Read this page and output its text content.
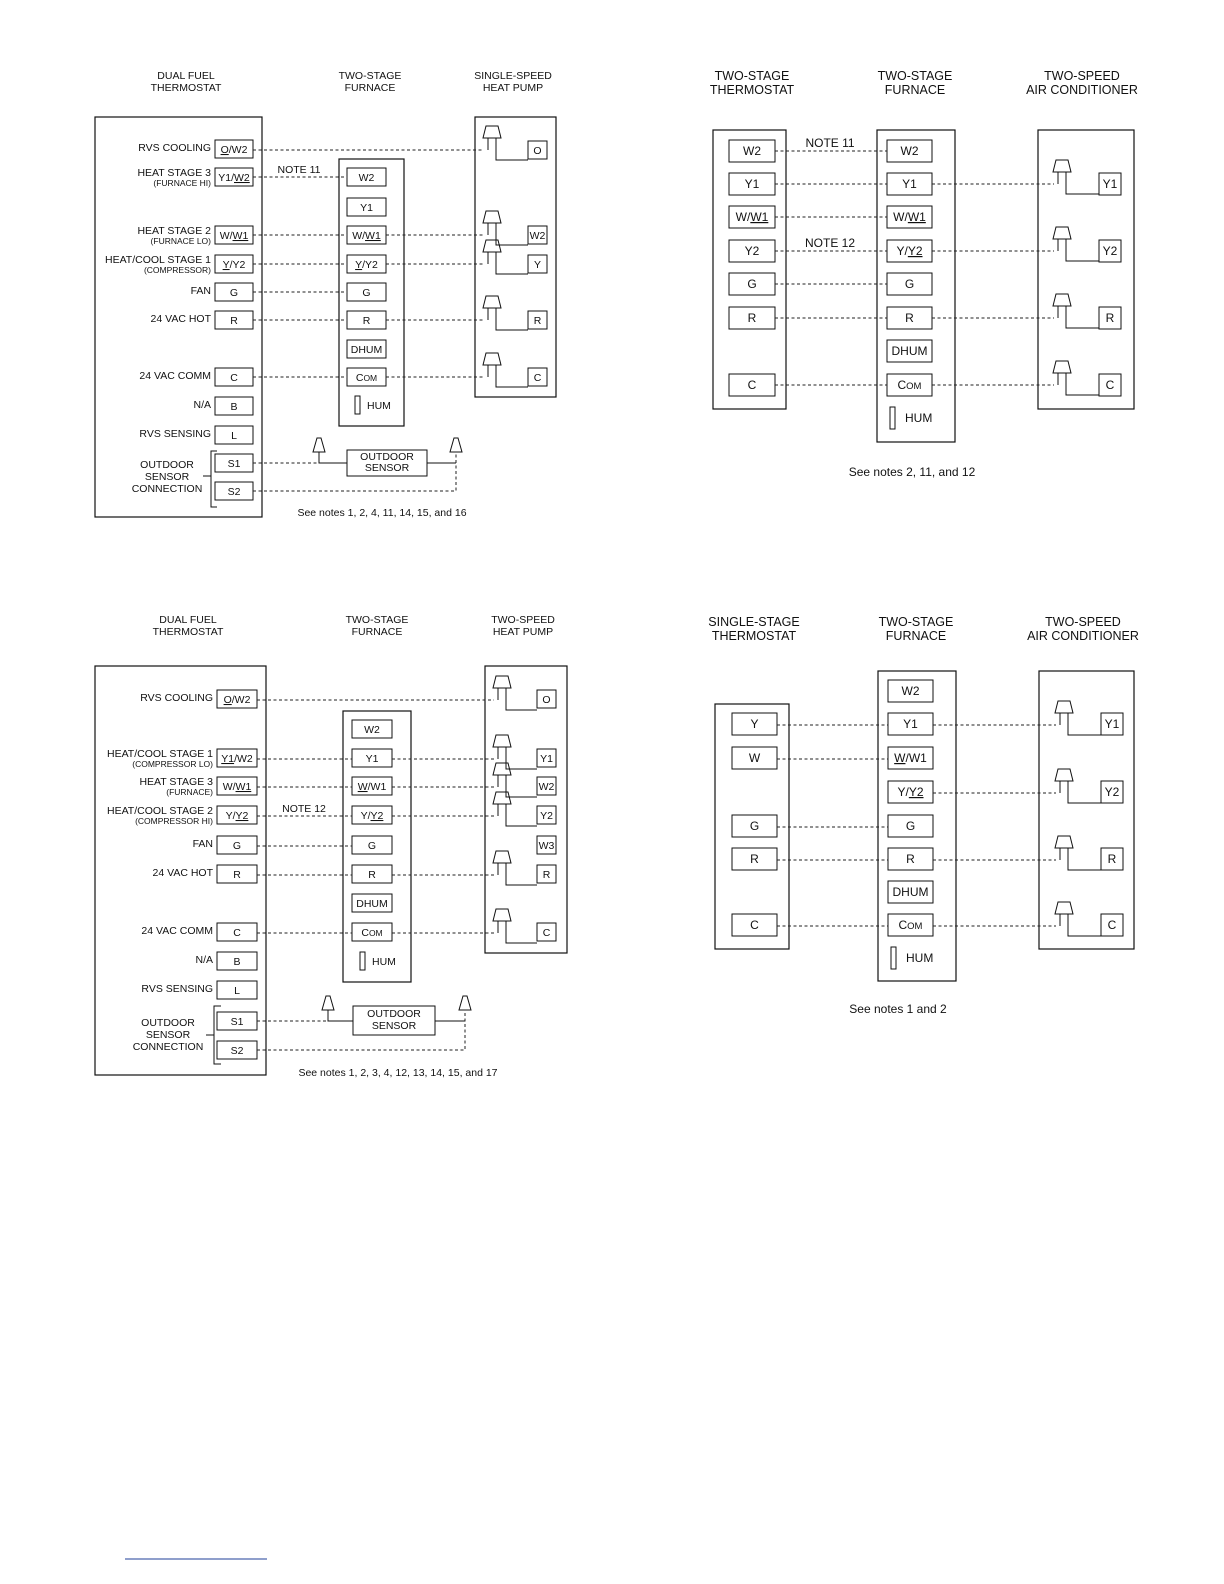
DUAL FUEL
THERMOSTAT
TWO-STAGE
FURNACE
SINGLE-SPEED
HEAT PUMP
O/W2
RVS COOLING
Y1/W2
HEAT STAGE 3
(FURNACE HI)
W/W1
HEAT STAGE 2
(FURNACE LO)
Y/Y2
HEAT/COOL STAGE 1
(COMPRESSOR)
G
FAN
R
24 VAC HOT
C
24 VAC COMM
B
N/A
L
RVS SENSING
S1
S2
W2
Y1
W/W1
Y/Y2
G
R
DHUM
COM
HUM
O
W2
Y
R
C
NOTE 11
OUTDOOR
SENSOR
CONNECTION
OUTDOOR
SENSOR
See notes 1, 2, 4, 11, 14, 15, and 16
TWO-STAGE
THERMOSTAT
TWO-STAGE
FURNACE
TWO-SPEED
AIR CONDITIONER
W2
Y1
W/W1
Y2
G
R
C
W2
Y1
W/W1
Y/Y2
G
R
DHUM
COM
HUM
Y1
Y2
R
C
NOTE 11
NOTE 12
See notes 2, 11, and 12
DUAL FUEL
THERMOSTAT
TWO-STAGE
FURNACE
TWO-SPEED
HEAT PUMP
O/W2
RVS COOLING
Y1/W2
HEAT/COOL STAGE 1
(COMPRESSOR LO)
W/W1
HEAT STAGE 3
(FURNACE)
Y/Y2
HEAT/COOL STAGE 2
(COMPRESSOR HI)
G
FAN
R
24 VAC HOT
C
24 VAC COMM
B
N/A
L
RVS SENSING
S1
S2
W2
Y1
W/W1
Y/Y2
G
R
DHUM
COM
HUM
O
Y1
W2
Y2
W3
R
C
NOTE 12
OUTDOOR
SENSOR
CONNECTION
OUTDOOR
SENSOR
See notes 1, 2, 3, 4, 12, 13, 14, 15, and 17
SINGLE-STAGE
THERMOSTAT
TWO-STAGE
FURNACE
TWO-SPEED
AIR CONDITIONER
Y
W
G
R
C
W2
Y1
W/W1
Y/Y2
G
R
DHUM
COM
HUM
Y1
Y2
R
C
See notes 1 and 2
